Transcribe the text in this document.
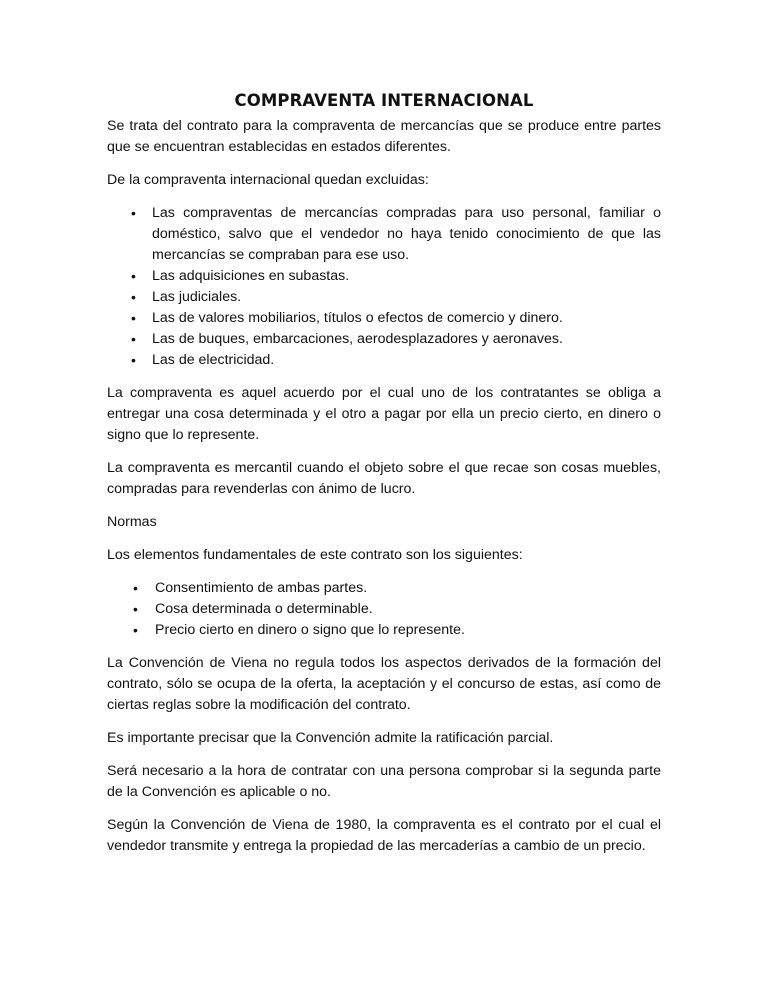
COMPRAVENTA INTERNACIONAL

Se trata del contrato para la compraventa de mercancías que se produce entre partes que se encuentran establecidas en estados diferentes.

De la compraventa internacional quedan excluidas:

• Las compraventas de mercancías compradas para uso personal, familiar o doméstico, salvo que el vendedor no haya tenido conocimiento de que las mercancías se compraban para ese uso.
• Las adquisiciones en subastas.
• Las judiciales.
• Las de valores mobiliarios, títulos o efectos de comercio y dinero.
• Las de buques, embarcaciones, aerodesplazadores y aeronaves.
• Las de electricidad.

La compraventa es aquel acuerdo por el cual uno de los contratantes se obliga a entregar una cosa determinada y el otro a pagar por ella un precio cierto, en dinero o signo que lo represente.

La compraventa es mercantil cuando el objeto sobre el que recae son cosas muebles, compradas para revenderlas con ánimo de lucro.

Normas

Los elementos fundamentales de este contrato son los siguientes:

• Consentimiento de ambas partes.
• Cosa determinada o determinable.
• Precio cierto en dinero o signo que lo represente.

La Convención de Viena no regula todos los aspectos derivados de la formación del contrato, sólo se ocupa de la oferta, la aceptación y el concurso de estas, así como de ciertas reglas sobre la modificación del contrato.

Es importante precisar que la Convención admite la ratificación parcial.

Será necesario a la hora de contratar con una persona comprobar si la segunda parte de la Convención es aplicable o no.

Según la Convención de Viena de 1980, la compraventa es el contrato por el cual el vendedor transmite y entrega la propiedad de las mercaderías a cambio de un precio.
